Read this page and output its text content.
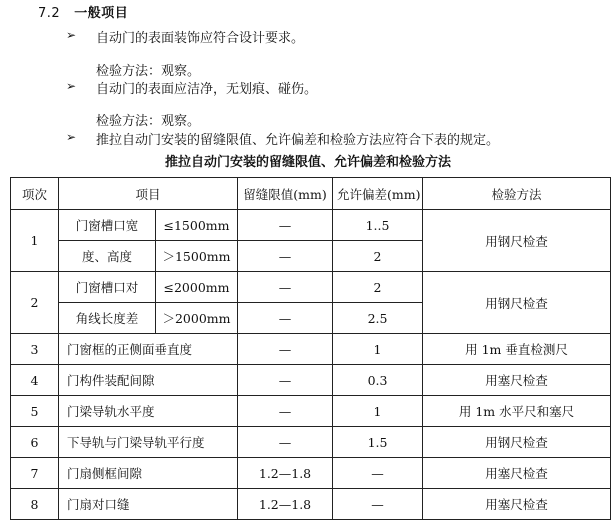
7.2 一般项目
➢ 自动门的表面装饰应符合设计要求。
检验方法：观察。
➢ 自动门的表面应洁净，无划痕、碰伤。
检验方法：观察。
➢ 推拉自动门安装的留缝限值、允许偏差和检验方法应符合下表的规定。
推拉自动门安装的留缝限值、允许偏差和检验方法
项次	项目		留缝限值(mm)	允许偏差(mm)	检验方法
1	门窗槽口宽	≤1500mm	—	1..5	用钢尺检查
	度、高度	＞1500mm	—	2	
2	门窗槽口对	≤2000mm	—	2	用钢尺检查
	角线长度差	＞2000mm	—	2.5	
3	门窗框的正侧面垂直度		—	1	用 1m 垂直检测尺
4	门构件装配间隙		—	0.3	用塞尺检查
5	门梁导轨水平度		—	1	用 1m 水平尺和塞尺
6	下导轨与门梁导轨平行度		—	1.5	用钢尺检查
7	门扇侧框间隙		1.2—1.8	—	用塞尺检查
8	门扇对口缝		1.2—1.8	—	用塞尺检查
